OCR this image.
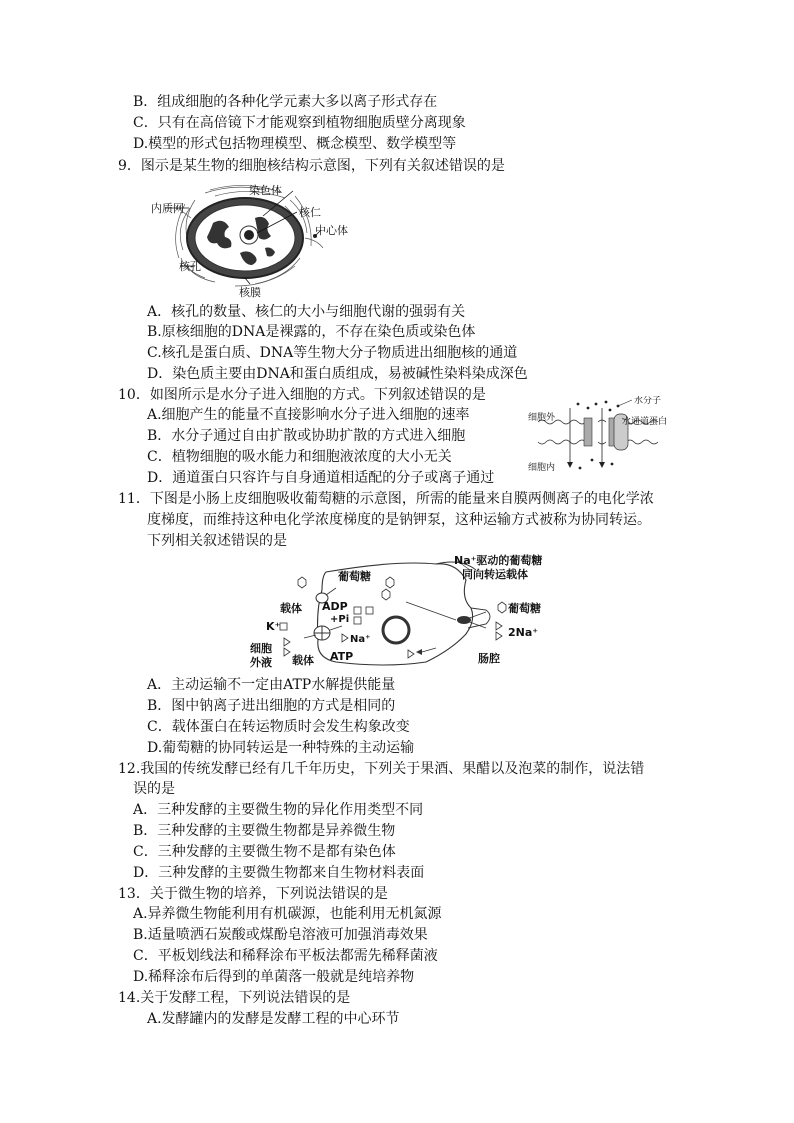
B．组成细胞的各种化学元素大多以离子形式存在
C．只有在高倍镜下才能观察到植物细胞质壁分离现象
D.模型的形式包括物理模型、概念模型、数学模型等
9．图示是某生物的细胞核结构示意图，下列有关叙述错误的是
内质网
染色体
核仁
中心体
核孔
核膜
A．核孔的数量、核仁的大小与细胞代谢的强弱有关
B.原核细胞的DNA是裸露的，不存在染色质或染色体
C.核孔是蛋白质、DNA等生物大分子物质进出细胞核的通道
D．染色质主要由DNA和蛋白质组成，易被碱性染料染成深色
10．如图所示是水分子进入细胞的方式。下列叙述错误的是
A.细胞产生的能量不直接影响水分子进入细胞的速率
B．水分子通过自由扩散或协助扩散的方式进入细胞
C．植物细胞的吸水能力和细胞液浓度的大小无关
D．通道蛋白只容许与自身通道相适配的分子或离子通过
细胞外
细胞内
水分子
水通道蛋白
11．下图是小肠上皮细胞吸收葡萄糖的示意图，所需的能量来自膜两侧离子的电化学浓
度梯度，而维持这种电化学浓度梯度的是钠钾泵，这种运输方式被称为协同转运。
下列相关叙述错误的是
Na⁺驱动的葡萄糖
同向转运载体
葡萄糖
葡萄糖
载体
载体
ADP
+Pi
K⁺
Na⁺
2Na⁺
ATP
细胞
外液	肠腔
A．主动运输不一定由ATP水解提供能量
B．图中钠离子进出细胞的方式是相同的
C．载体蛋白在转运物质时会发生构象改变
D.葡萄糖的协同转运是一种特殊的主动运输
12.我国的传统发酵已经有几千年历史，下列关于果酒、果醋以及泡菜的制作，说法错
误的是
A．三种发酵的主要微生物的异化作用类型不同
B．三种发酵的主要微生物都是异养微生物
C．三种发酵的主要微生物不是都有染色体
D．三种发酵的主要微生物都来自生物材料表面
13．关于微生物的培养，下列说法错误的是
A.异养微生物能利用有机碳源，也能利用无机氮源
B.适量喷洒石炭酸或煤酚皂溶液可加强消毒效果
C．平板划线法和稀释涂布平板法都需先稀释菌液
D.稀释涂布后得到的单菌落一般就是纯培养物
14.关于发酵工程，下列说法错误的是
A.发酵罐内的发酵是发酵工程的中心环节
